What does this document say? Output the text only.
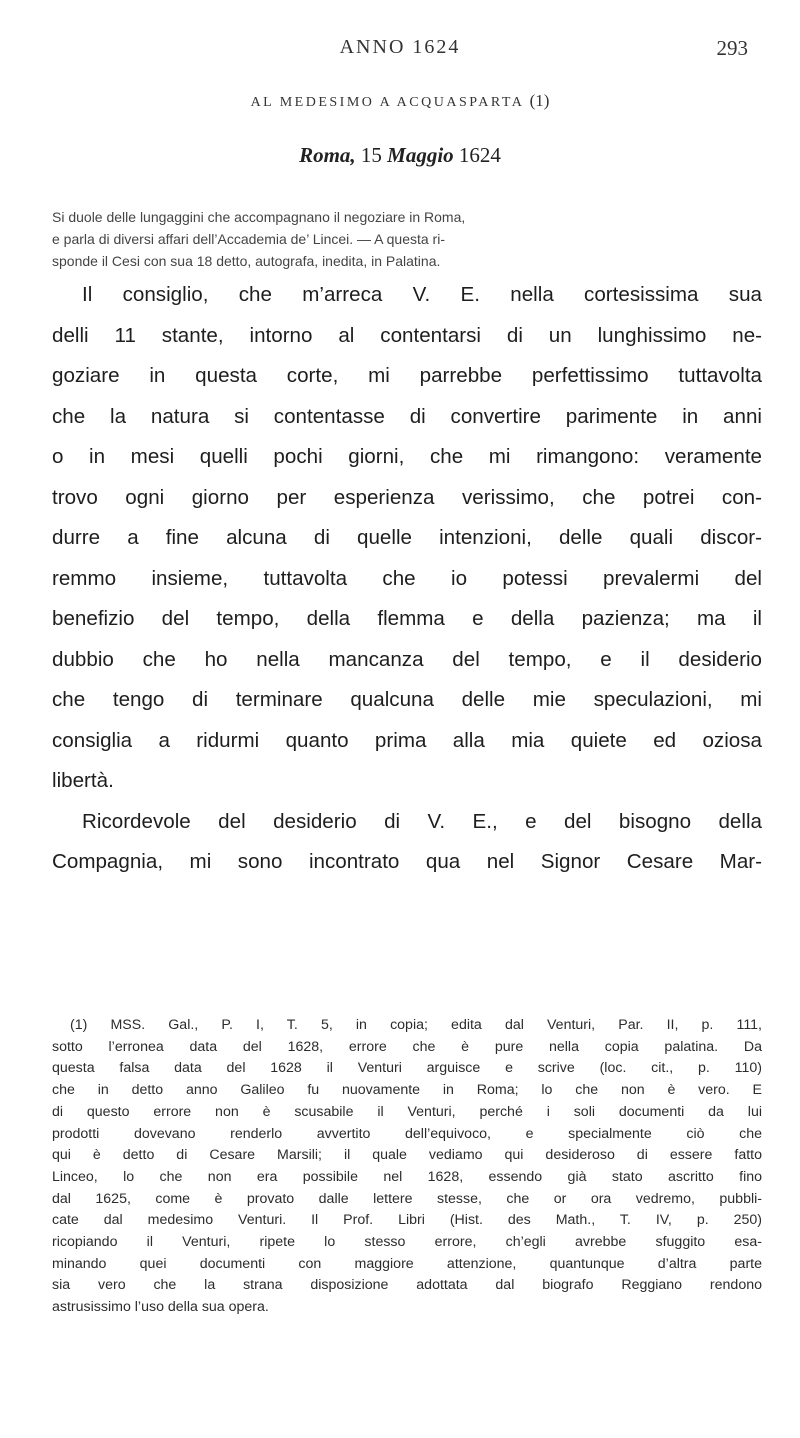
ANNO 1624	293
AL MEDESIMO A ACQUASPARTA (1)
Roma, 15 Maggio 1624
Si duole delle lungaggini che accompagnano il negoziare in Roma,
e parla di diversi affari dell’Accademia de’ Lincei. — A questa ri-
sponde il Cesi con sua 18 detto, autografa, inedita, in Palatina.
Il consiglio, che m’arreca V. E. nella cortesissima sua
delli 11 stante, intorno al contentarsi di un lunghissimo ne-
goziare in questa corte, mi parrebbe perfettissimo tuttavolta
che la natura si contentasse di convertire parimente in anni
o in mesi quelli pochi giorni, che mi rimangono: veramente
trovo ogni giorno per esperienza verissimo, che potrei con-
durre a fine alcuna di quelle intenzioni, delle quali discor-
remmo insieme, tuttavolta che io potessi prevalermi del
benefizio del tempo, della flemma e della pazienza; ma il
dubbio che ho nella mancanza del tempo, e il desiderio
che tengo di terminare qualcuna delle mie speculazioni, mi
consiglia a ridurmi quanto prima alla mia quiete ed oziosa
libertà.
Ricordevole del desiderio di V. E., e del bisogno della
Compagnia, mi sono incontrato qua nel Signor Cesare Mar-
(1) MSS. Gal., P. I, T. 5, in copia; edita dal Venturi, Par. II, p. 111,
sotto l’erronea data del 1628, errore che è pure nella copia palatina. Da
questa falsa data del 1628 il Venturi arguisce e scrive (loc. cit., p. 110)
che in detto anno Galileo fu nuovamente in Roma; lo che non è vero. E
di questo errore non è scusabile il Venturi, perché i soli documenti da lui
prodotti dovevano renderlo avvertito dell’equivoco, e specialmente ciò che
qui è detto di Cesare Marsili; il quale vediamo qui desideroso di essere fatto
Linceo, lo che non era possibile nel 1628, essendo già stato ascritto fino
dal 1625, come è provato dalle lettere stesse, che or ora vedremo, pubbli-
cate dal medesimo Venturi. Il Prof. Libri (Hist. des Math., T. IV, p. 250)
ricopiando il Venturi, ripete lo stesso errore, ch’egli avrebbe sfuggito esa-
minando quei documenti con maggiore attenzione, quantunque d’altra parte
sia vero che la strana disposizione adottata dal biografo Reggiano rendono
astrusissimo l’uso della sua opera.
